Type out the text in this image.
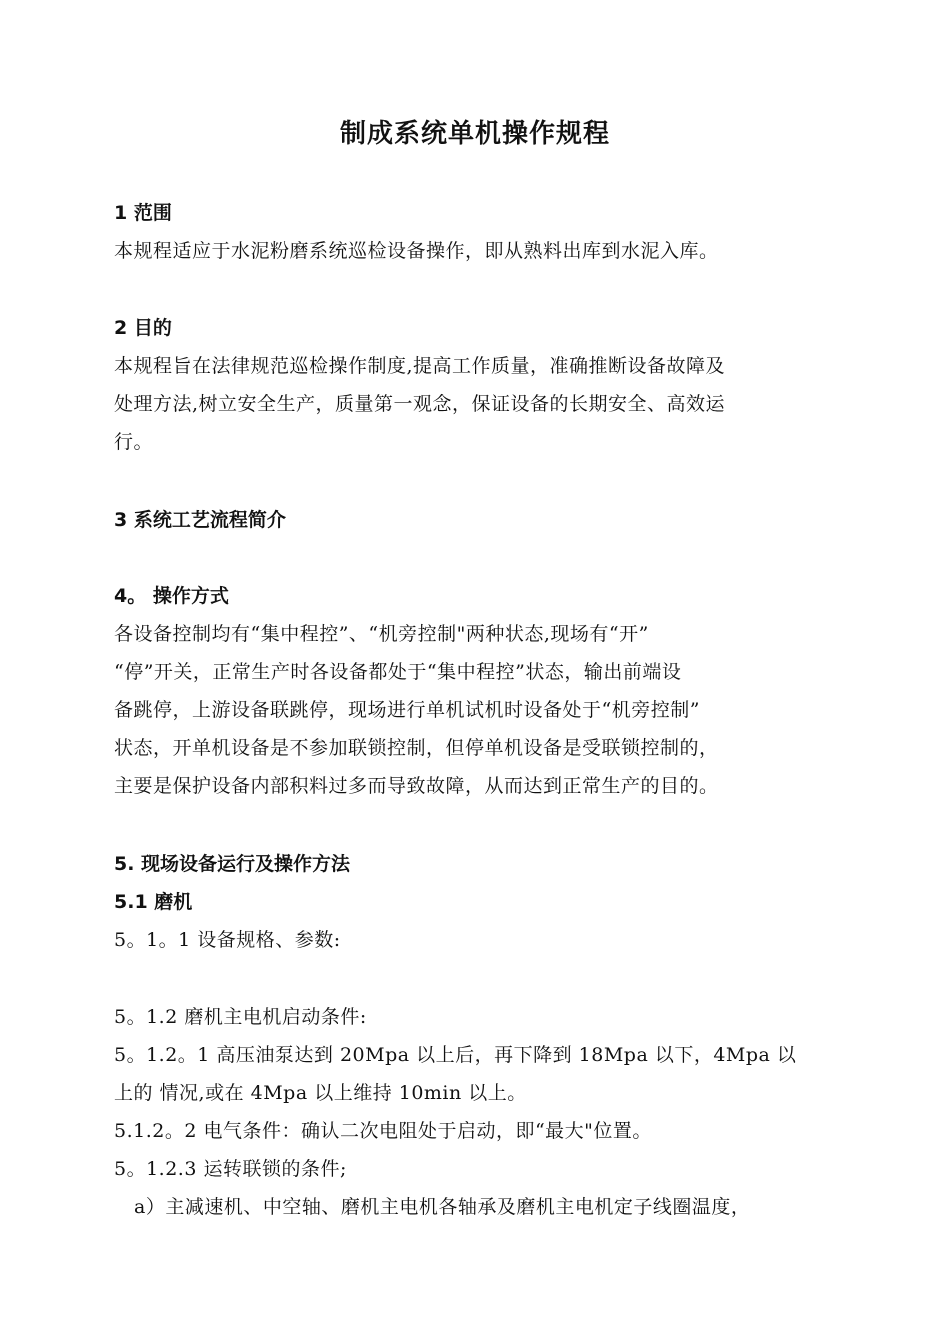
制成系统单机操作规程
1 范围
本规程适应于水泥粉磨系统巡检设备操作，即从熟料出库到水泥入库。
2 目的
本规程旨在法律规范巡检操作制度,提高工作质量，准确推断设备故障及
处理方法,树立安全生产，质量第一观念，保证设备的长期安全、高效运
行。
3 系统工艺流程简介
4。 操作方式
各设备控制均有“集中程控”、“机旁控制"两种状态,现场有“开”
“停”开关，正常生产时各设备都处于“集中程控”状态，输出前端设
备跳停，上游设备联跳停，现场进行单机试机时设备处于“机旁控制”
状态，开单机设备是不参加联锁控制，但停单机设备是受联锁控制的，
主要是保护设备内部积料过多而导致故障，从而达到正常生产的目的。
5. 现场设备运行及操作方法
5.1 磨机
5。1。1 设备规格、参数:
5。1.2 磨机主电机启动条件:
5。1.2。1 高压油泵达到 20Mpa 以上后，再下降到 18Mpa 以下，4Mpa 以
上的 情况,或在 4Mpa 以上维持 10min 以上。
5.1.2。2 电气条件：确认二次电阻处于启动，即“最大"位置。
5。1.2.3 运转联锁的条件;
a）主减速机、中空轴、磨机主电机各轴承及磨机主电机定子线圈温度，
